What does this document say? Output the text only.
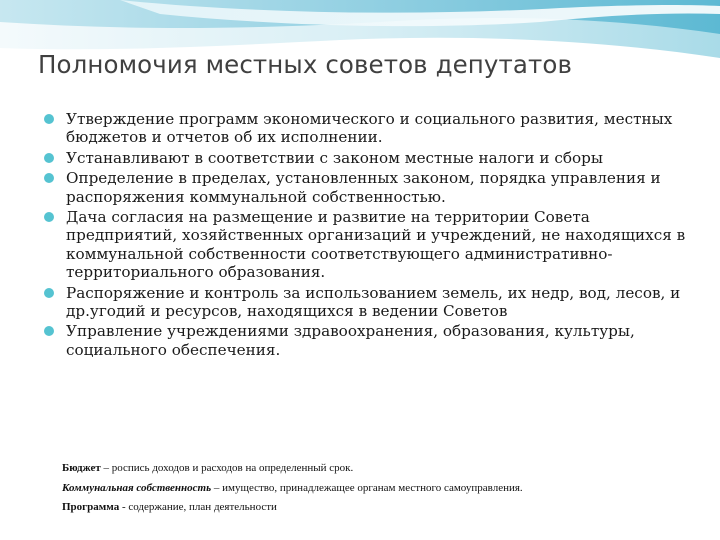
Полномочия местных советов депутатов
Утверждение программ экономического и социального развития, местных бюджетов и отчетов об их исполнении.
Устанавливают в соответствии с законом местные налоги и сборы
Определение в пределах, установленных законом, порядка управления и распоряжения коммунальной собственностью.
Дача согласия на размещение и развитие на территории Совета предприятий, хозяйственных организаций и учреждений, не находящихся в коммунальной собственности соответствующего административно-территориального образования.
Распоряжение и контроль за использованием земель, их недр, вод, лесов, и др.угодий и ресурсов, находящихся в ведении Советов
Управление учреждениями здравоохранения, образования, культуры, социального обеспечения.

Бюджет – роспись доходов и расходов на определенный срок.

Коммунальная собственность – имущество, принадлежащее органам местного самоуправления.

Программа - содержание, план деятельности
